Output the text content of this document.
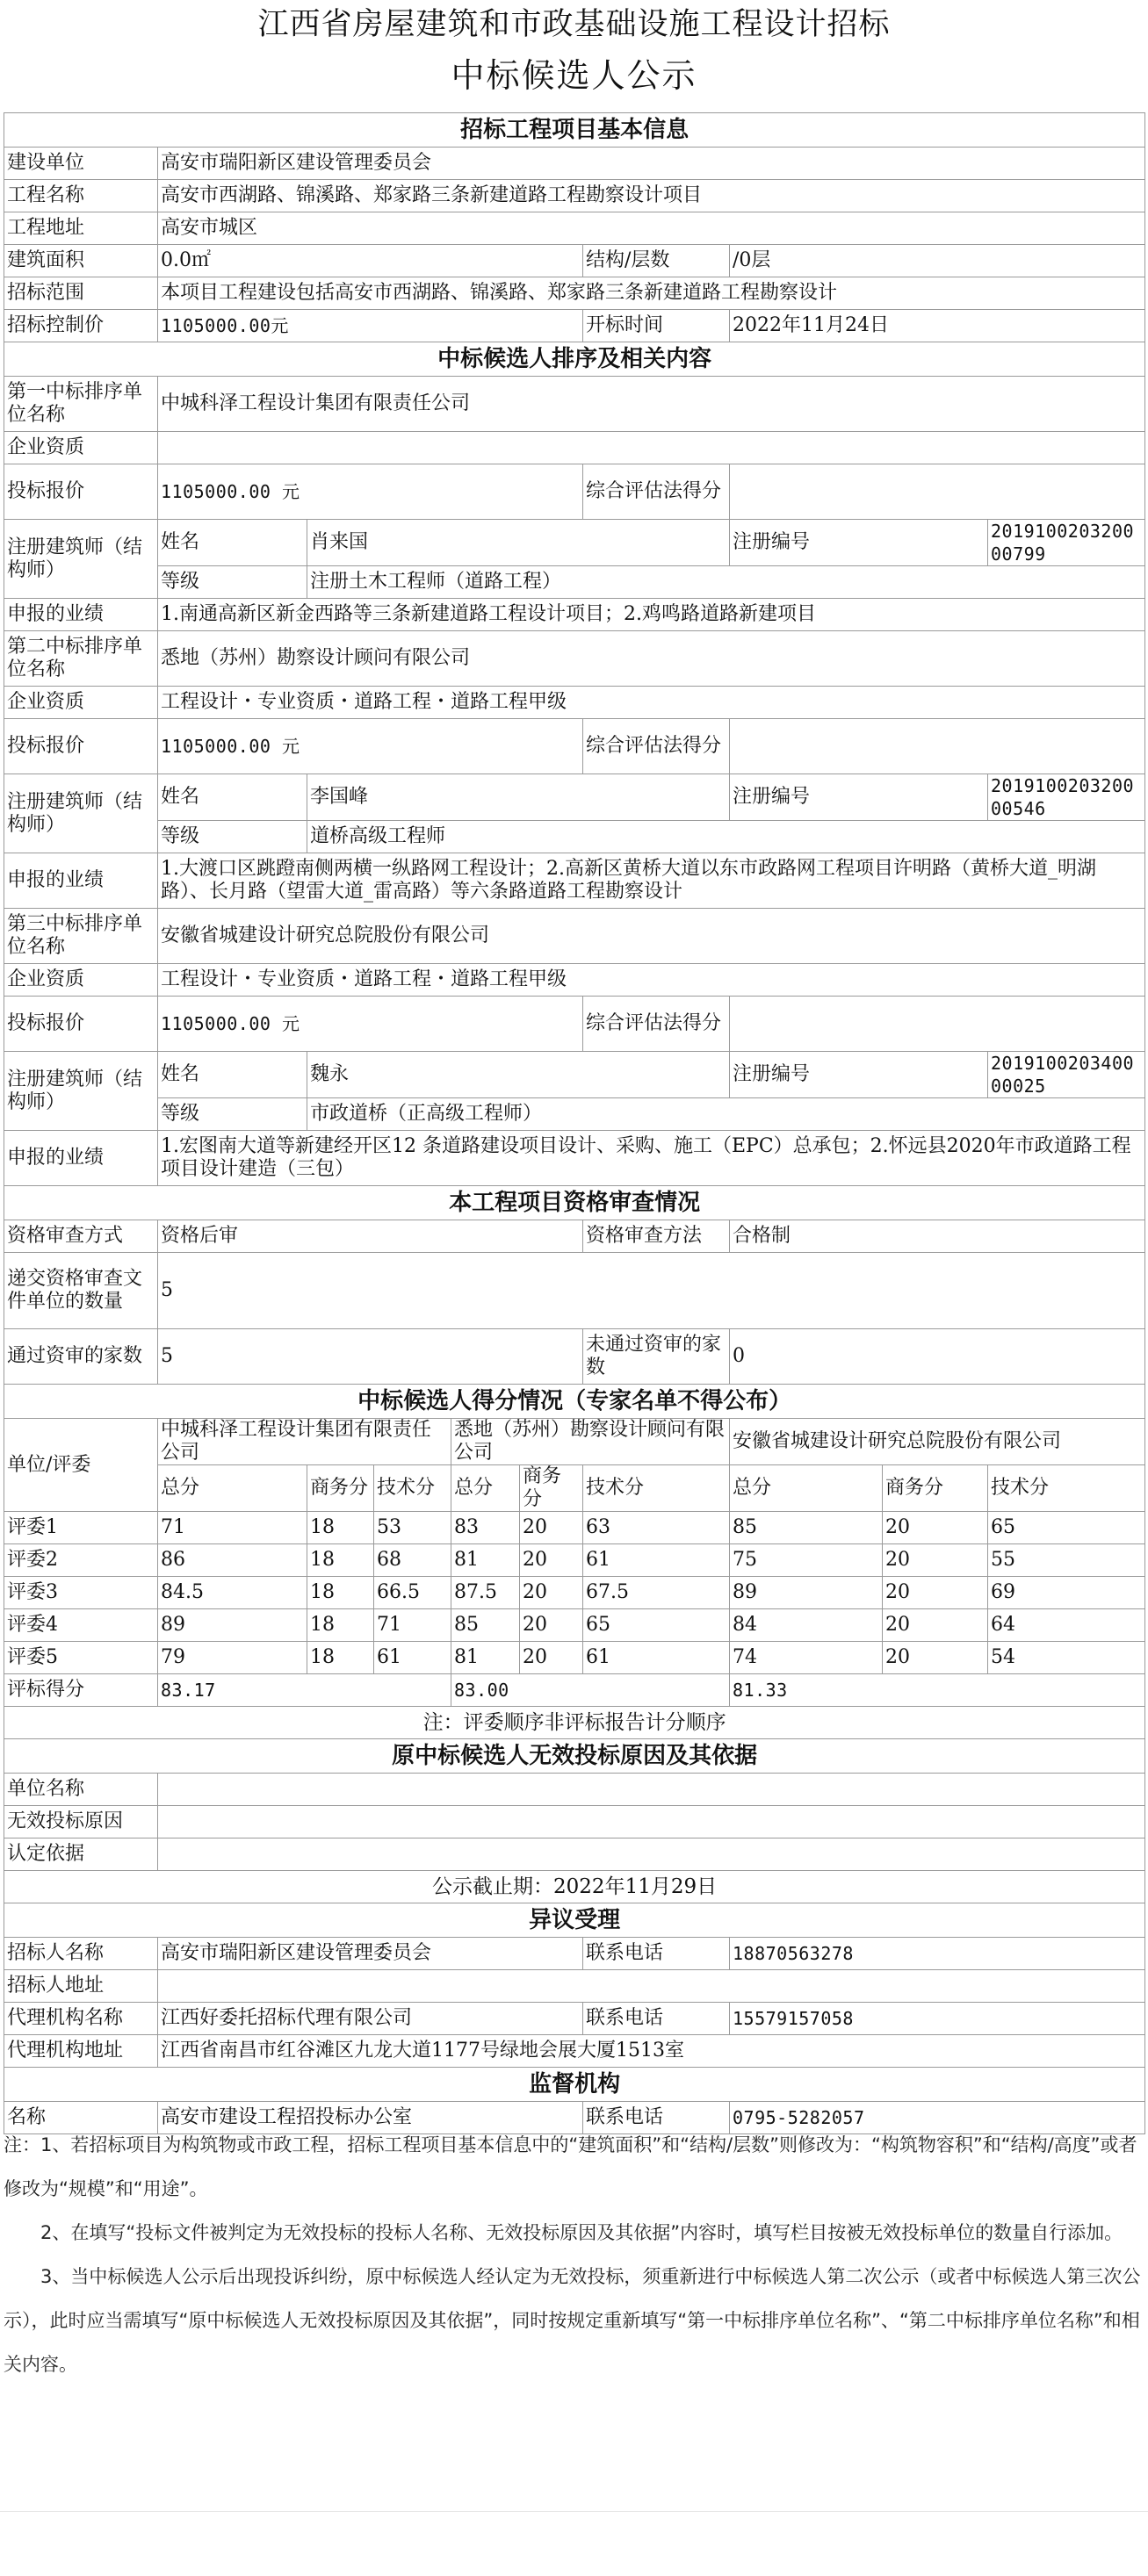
江西省房屋建筑和市政基础设施工程设计招标
中标候选人公示
招标工程项目基本信息									
建设单位	高安市瑞阳新区建设管理委员会								
工程名称	高安市西湖路、锦溪路、郑家路三条新建道路工程勘察设计项目								
工程地址	高安市城区								
建筑面积	0.0㎡					结构/层数	/0层		
招标范围	本项目工程建设包括高安市西湖路、锦溪路、郑家路三条新建道路工程勘察设计								
招标控制价	1105000.00元					开标时间	2022年11月24日		
中标候选人排序及相关内容									
第一中标排序单位名称	中城科泽工程设计集团有限责任公司								
企业资质									
投标报价	1105000.00 元					综合评估法得分			
注册建筑师（结构师）	姓名	肖来国					注册编号		201910020320000799
	等级	注册土木工程师（道路工程）							
申报的业绩	1.南通高新区新金西路等三条新建道路工程设计项目；2.鸡鸣路道路新建项目								
第二中标排序单位名称	悉地（苏州）勘察设计顾问有限公司								
企业资质	工程设计・专业资质・道路工程・道路工程甲级								
投标报价	1105000.00 元					综合评估法得分			
注册建筑师（结构师）	姓名	李国峰					注册编号		201910020320000546
	等级	道桥高级工程师							
申报的业绩	1.大渡口区跳蹬南侧两横一纵路网工程设计；2.高新区黄桥大道以东市政路网工程项目许明路（黄桥大道_明湖路）、长月路（望雷大道_雷高路）等六条路道路工程勘察设计								
第三中标排序单位名称	安徽省城建设计研究总院股份有限公司								
企业资质	工程设计・专业资质・道路工程・道路工程甲级								
投标报价	1105000.00 元					综合评估法得分			
注册建筑师（结构师）	姓名	魏永					注册编号		201910020340000025
	等级	市政道桥（正高级工程师）							
申报的业绩	1.宏图南大道等新建经开区12 条道路建设项目设计、采购、施工（EPC）总承包；2.怀远县2020年市政道路工程项目设计建造（三包）								
本工程项目资格审查情况									
资格审查方式	资格后审					资格审查方法	合格制		
递交资格审查文件单位的数量	5								
通过资审的家数	5					未通过资审的家数	0		
中标候选人得分情况（专家名单不得公布）									
单位/评委	中城科泽工程设计集团有限责任公司			悉地（苏州）勘察设计顾问有限公司			安徽省城建设计研究总院股份有限公司		
	总分	商务分	技术分	总分	商务分	技术分	总分	商务分	技术分
评委1	71	18	53	83	20	63	85	20	65
评委2	86	18	68	81	20	61	75	20	55
评委3	84.5	18	66.5	87.5	20	67.5	89	20	69
评委4	89	18	71	85	20	65	84	20	64
评委5	79	18	61	81	20	61	74	20	54
评标得分	83.17			83.00			81.33		
注：评委顺序非评标报告计分顺序									
原中标候选人无效投标原因及其依据									
单位名称									
无效投标原因									
认定依据									
公示截止期：2022年11月29日									
异议受理									
招标人名称	高安市瑞阳新区建设管理委员会					联系电话	18870563278		
招标人地址									
代理机构名称	江西好委托招标代理有限公司					联系电话	15579157058		
代理机构地址	江西省南昌市红谷滩区九龙大道1177号绿地会展大厦1513室								
监督机构									
名称	高安市建设工程招投标办公室					联系电话	0795-5282057		

注：1、若招标项目为构筑物或市政工程，招标工程项目基本信息中的“建筑面积”和“结构/层数”则修改为：“构筑物容积”和“结构/高度”或者修改为“规模”和“用途”。

2、在填写“投标文件被判定为无效投标的投标人名称、无效投标原因及其依据”内容时，填写栏目按被无效投标单位的数量自行添加。

3、当中标候选人公示后出现投诉纠纷，原中标候选人经认定为无效投标，须重新进行中标候选人第二次公示（或者中标候选人第三次公示），此时应当需填写“原中标候选人无效投标原因及其依据”，同时按规定重新填写“第一中标排序单位名称”、“第二中标排序单位名称”和相关内容。
